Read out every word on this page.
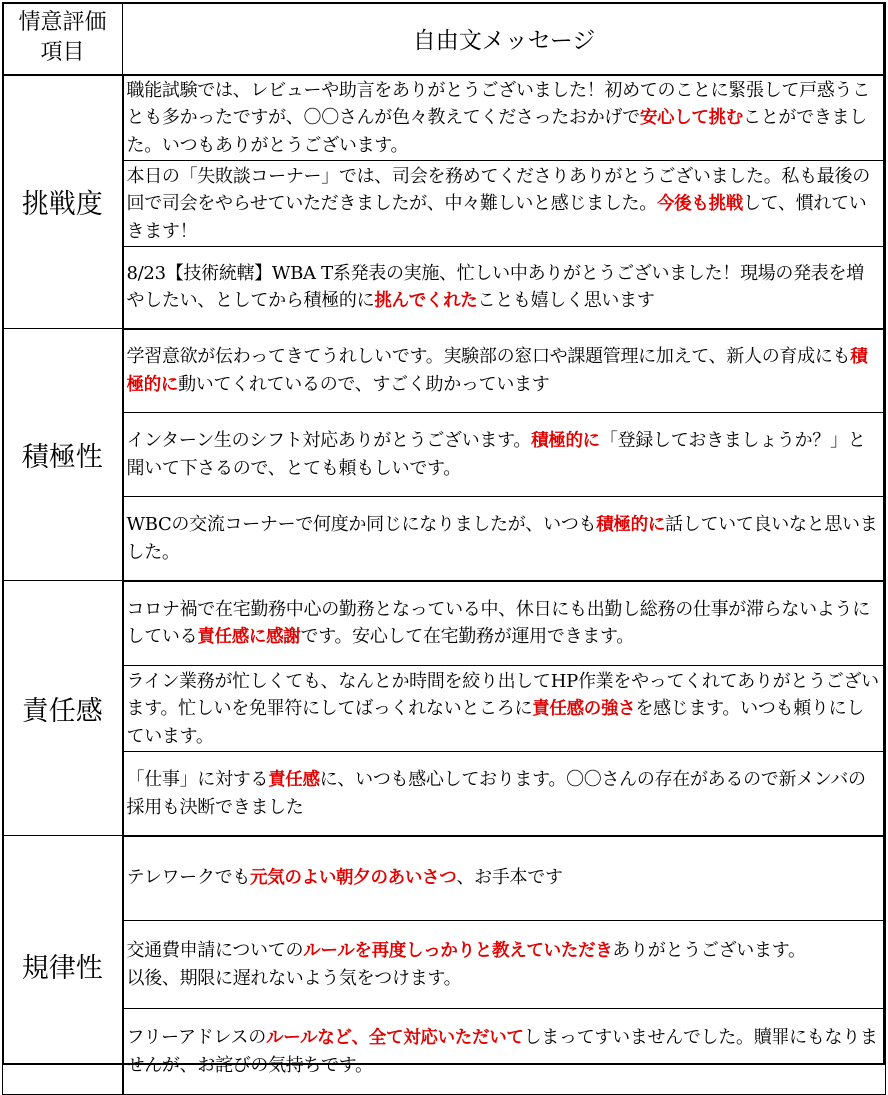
情意評価
項目	自由文メッセージ
挑戦度	職能試験では、レビューや助言をありがとうございました！初めてのことに緊張して戸惑うことも多かったですが、〇〇さんが色々教えてくださったおかげで安心して挑むことができました。いつもありがとうございます。
	本日の「失敗談コーナー」では、司会を務めてくださりありがとうございました。私も最後の回で司会をやらせていただきましたが、中々難しいと感じました。今後も挑戦して、慣れていきます！
	8/23【技術統轄】WBA T系発表の実施、忙しい中ありがとうございました！現場の発表を増やしたい、としてから積極的に挑んでくれたことも嬉しく思います
積極性	学習意欲が伝わってきてうれしいです。実験部の窓口や課題管理に加えて、新人の育成にも積極的に動いてくれているので、すごく助かっています
	インターン生のシフト対応ありがとうございます。積極的に「登録しておきましょうか？」と聞いて下さるので、とても頼もしいです。
	WBCの交流コーナーで何度か同じになりましたが、いつも積極的に話していて良いなと思いました。
責任感	コロナ禍で在宅勤務中心の勤務となっている中、休日にも出勤し総務の仕事が滞らないようにしている責任感に感謝です。安心して在宅勤務が運用できます。
	ライン業務が忙しくても、なんとか時間を絞り出してHP作業をやってくれてありがとうございます。忙しいを免罪符にしてばっくれないところに責任感の強さを感じます。いつも頼りにしています。
	「仕事」に対する責任感に、いつも感心しております。〇〇さんの存在があるので新メンバの採用も決断できました
規律性	テレワークでも元気のよい朝夕のあいさつ、お手本です
	交通費申請についてのルールを再度しっかりと教えていただきありがとうございます。
以後、期限に遅れないよう気をつけます。

	フリーアドレスのルールなど、全て対応いただいてしまってすいませんでした。贖罪にもなりませんが、お詫びの気持ちです。
